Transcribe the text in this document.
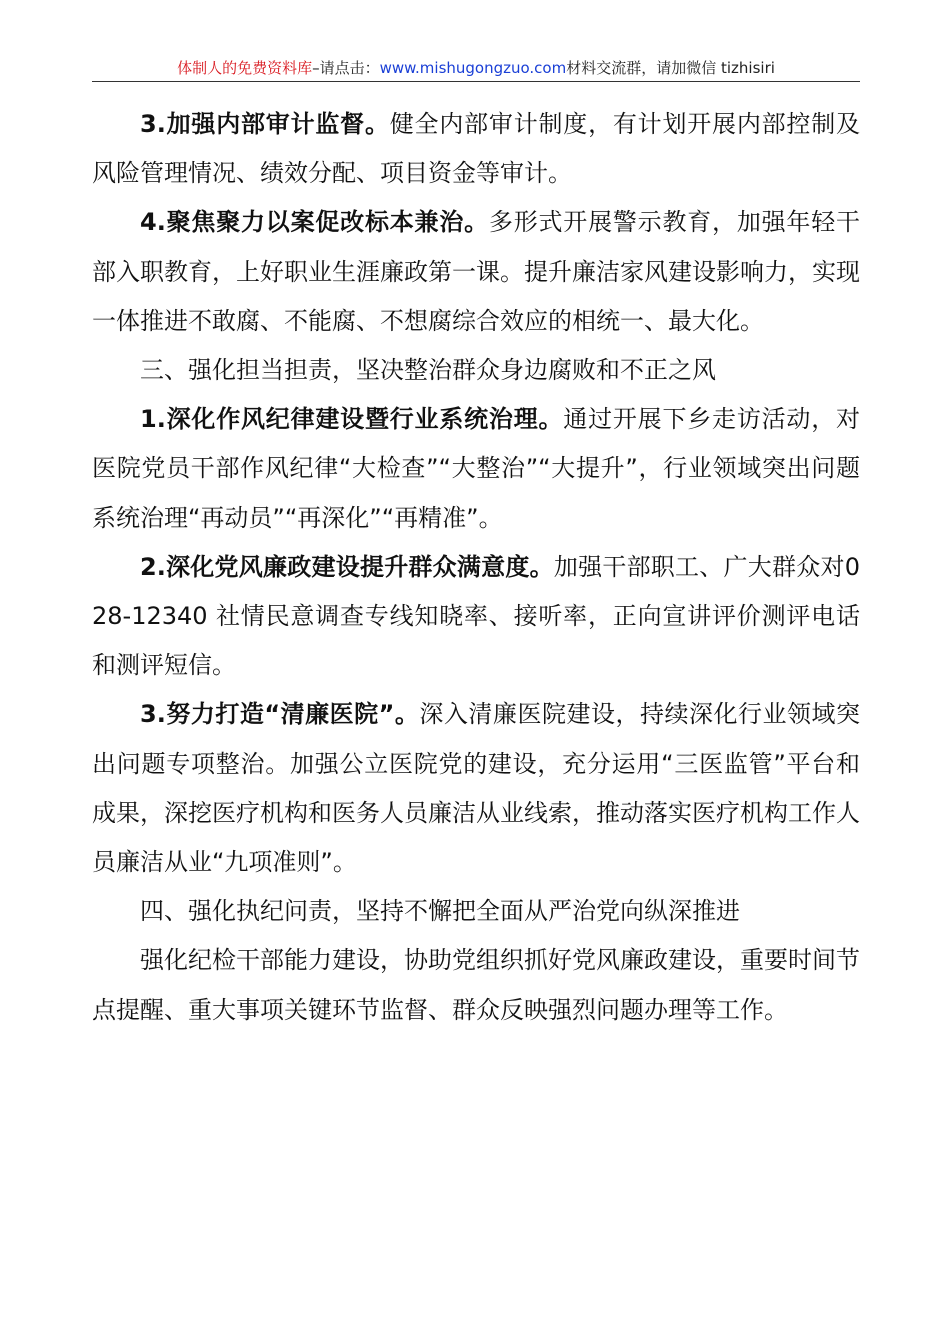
体制人的免费资料库–请点击：www.mishugongzuo.com材料交流群，请加微信 tizhisiri

3.加强内部审计监督。健全内部审计制度，有计划开展内部控制及风险管理情况、绩效分配、项目资金等审计。

4.聚焦聚力以案促改标本兼治。多形式开展警示教育，加强年轻干部入职教育，上好职业生涯廉政第一课。提升廉洁家风建设影响力，实现一体推进不敢腐、不能腐、不想腐综合效应的相统一、最大化。

三、强化担当担责，坚决整治群众身边腐败和不正之风

1.深化作风纪律建设暨行业系统治理。通过开展下乡走访活动，对医院党员干部作风纪律“大检查”“大整治”“大提升”，行业领域突出问题系统治理“再动员”“再深化”“再精准”。

2.深化党风廉政建设提升群众满意度。加强干部职工、广大群众对028-12340 社情民意调查专线知晓率、接听率，正向宣讲评价测评电话和测评短信。

3.努力打造“清廉医院”。深入清廉医院建设，持续深化行业领域突出问题专项整治。加强公立医院党的建设，充分运用“三医监管”平台和成果，深挖医疗机构和医务人员廉洁从业线索，推动落实医疗机构工作人员廉洁从业“九项准则”。

四、强化执纪问责，坚持不懈把全面从严治党向纵深推进

强化纪检干部能力建设，协助党组织抓好党风廉政建设，重要时间节点提醒、重大事项关键环节监督、群众反映强烈问题办理等工作。
